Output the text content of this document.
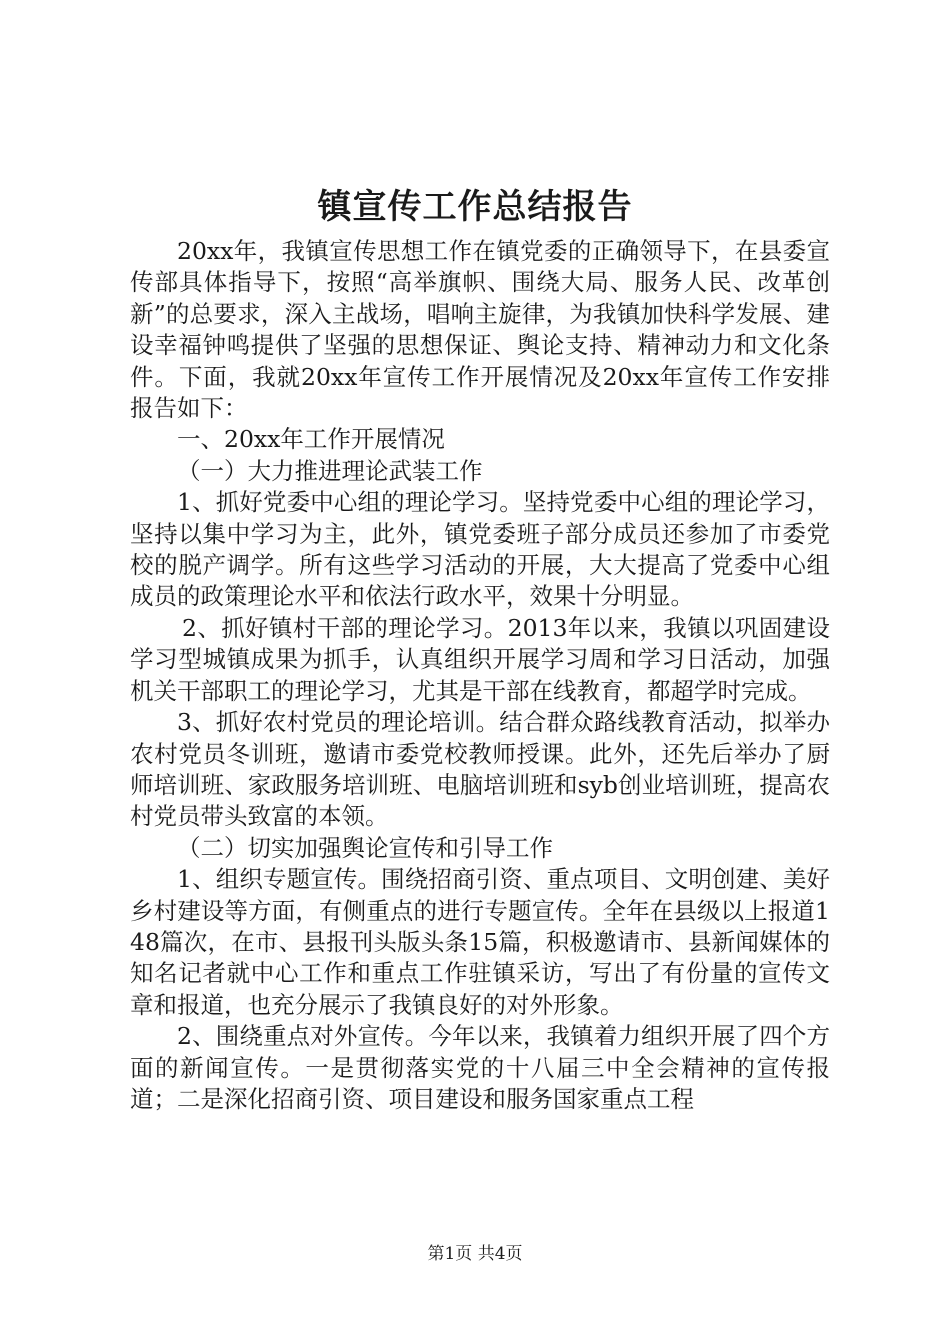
镇宣传工作总结报告

20xx年，我镇宣传思想工作在镇党委的正确领导下，在县委宣传部具体指导下，按照“高举旗帜、围绕大局、服务人民、改革创新”的总要求，深入主战场，唱响主旋律，为我镇加快科学发展、建设幸福钟鸣提供了坚强的思想保证、舆论支持、精神动力和文化条件。下面，我就20xx年宣传工作开展情况及20xx年宣传工作安排报告如下：

一、20xx年工作开展情况

（一）大力推进理论武装工作

1、抓好党委中心组的理论学习。坚持党委中心组的理论学习，坚持以集中学习为主，此外，镇党委班子部分成员还参加了市委党校的脱产调学。所有这些学习活动的开展，大大提高了党委中心组成员的政策理论水平和依法行政水平，效果十分明显。

2、抓好镇村干部的理论学习。2013年以来，我镇以巩固建设学习型城镇成果为抓手，认真组织开展学习周和学习日活动，加强机关干部职工的理论学习，尤其是干部在线教育，都超学时完成。

3、抓好农村党员的理论培训。结合群众路线教育活动，拟举办农村党员冬训班，邀请市委党校教师授课。此外，还先后举办了厨师培训班、家政服务培训班、电脑培训班和syb创业培训班，提高农村党员带头致富的本领。

（二）切实加强舆论宣传和引导工作

1、组织专题宣传。围绕招商引资、重点项目、文明创建、美好乡村建设等方面，有侧重点的进行专题宣传。全年在县级以上报道148篇次，在市、县报刊头版头条15篇，积极邀请市、县新闻媒体的知名记者就中心工作和重点工作驻镇采访，写出了有份量的宣传文章和报道，也充分展示了我镇良好的对外形象。

2、围绕重点对外宣传。今年以来，我镇着力组织开展了四个方面的新闻宣传。一是贯彻落实党的十八届三中全会精神的宣传报道；二是深化招商引资、项目建设和服务国家重点工程

第1页 共4页
